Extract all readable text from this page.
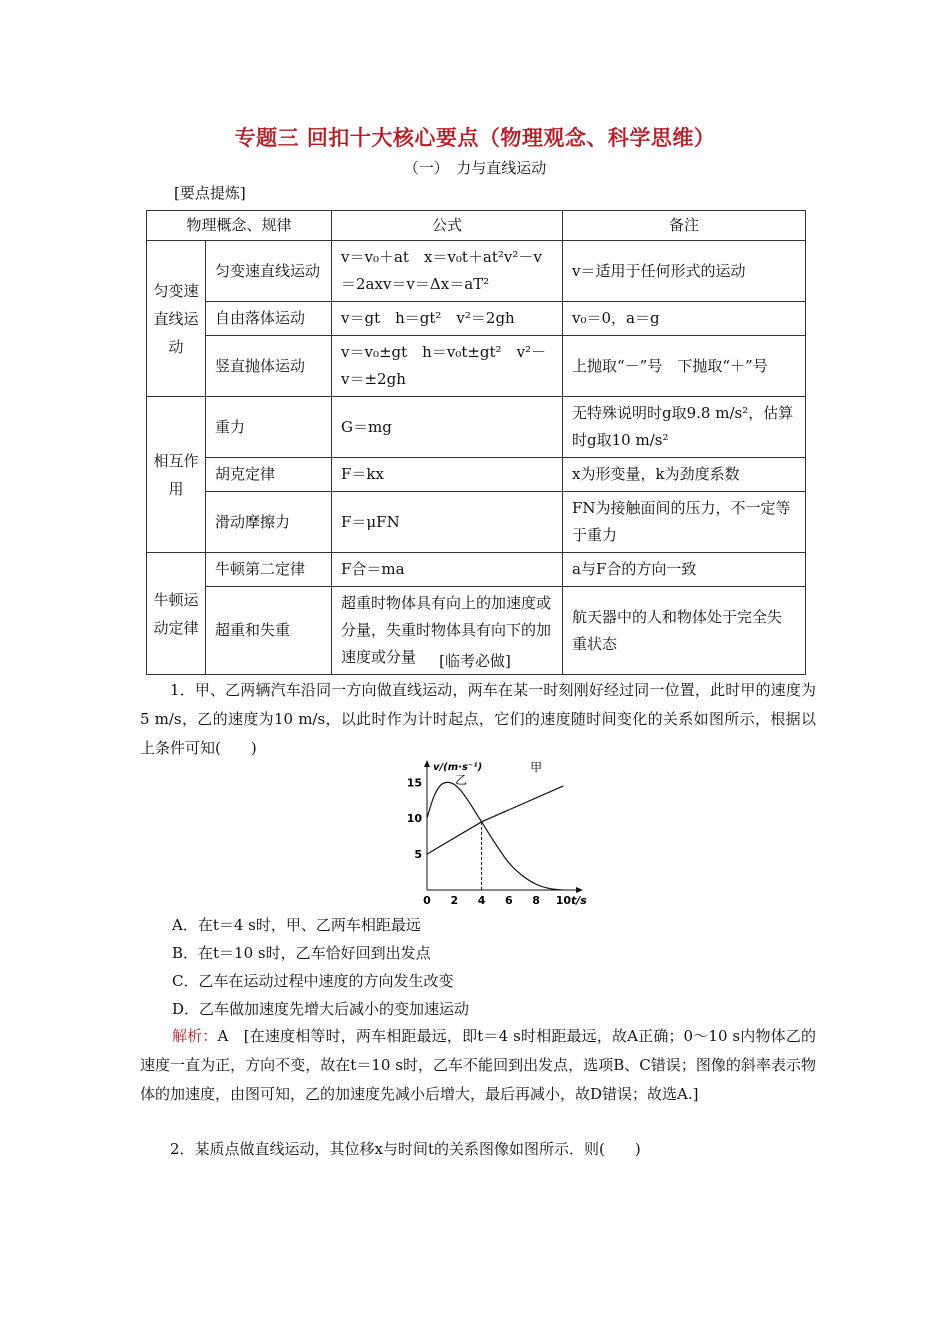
专题三 回扣十大核心要点（物理观念、科学思维）
（一）　力与直线运动
[要点提炼]
物理概念、规律		公式	备注
匀变速直线运动	匀变速直线运动	v＝v₀＋at　x＝v₀t＋at²v²－v＝2axv＝v＝Δx＝aT²	v＝适用于任何形式的运动
	自由落体运动	v＝gt　h＝gt²　v²＝2gh	v₀＝0，a＝g
	竖直抛体运动	v＝v₀±gt　h＝v₀t±gt²　v²－v＝±2gh	上抛取“－”号　下抛取“＋”号
相互作用	重力	G＝mg	无特殊说明时g取9.8 m/s²，估算时g取10 m/s²
	胡克定律	F＝kx	x为形变量，k为劲度系数
	滑动摩擦力	F＝μFN	FN为接触面间的压力，不一定等于重力
牛顿运动定律	牛顿第二定律	F合＝ma	a与F合的方向一致
	超重和失重	超重时物体具有向上的加速度或分量，失重时物体具有向下的加速度或分量	航天器中的人和物体处于完全失重状态
[临考必做]
1．甲、乙两辆汽车沿同一方向做直线运动，两车在某一时刻刚好经过同一位置，此时甲的速度为5 m/s，乙的速度为10 m/s，以此时作为计时起点，它们的速度随时间变化的关系如图所示，根据以上条件可知(　　)
0 2 4 6 8 10
5
10
15
v/(m·s⁻¹)
t/s
乙
甲
A．在t＝4 s时，甲、乙两车相距最远
B．在t＝10 s时，乙车恰好回到出发点
C．乙车在运动过程中速度的方向发生改变
D．乙车做加速度先增大后减小的变加速运动
解析：A　[在速度相等时，两车相距最远，即t＝4 s时相距最远，故A正确；0～10 s内物体乙的速度一直为正，方向不变，故在t＝10 s时，乙车不能回到出发点，选项B、C错误；图像的斜率表示物体的加速度，由图可知，乙的加速度先减小后增大，最后再减小，故D错误；故选A.]
2．某质点做直线运动，其位移x与时间t的关系图像如图所示．则(　　)
